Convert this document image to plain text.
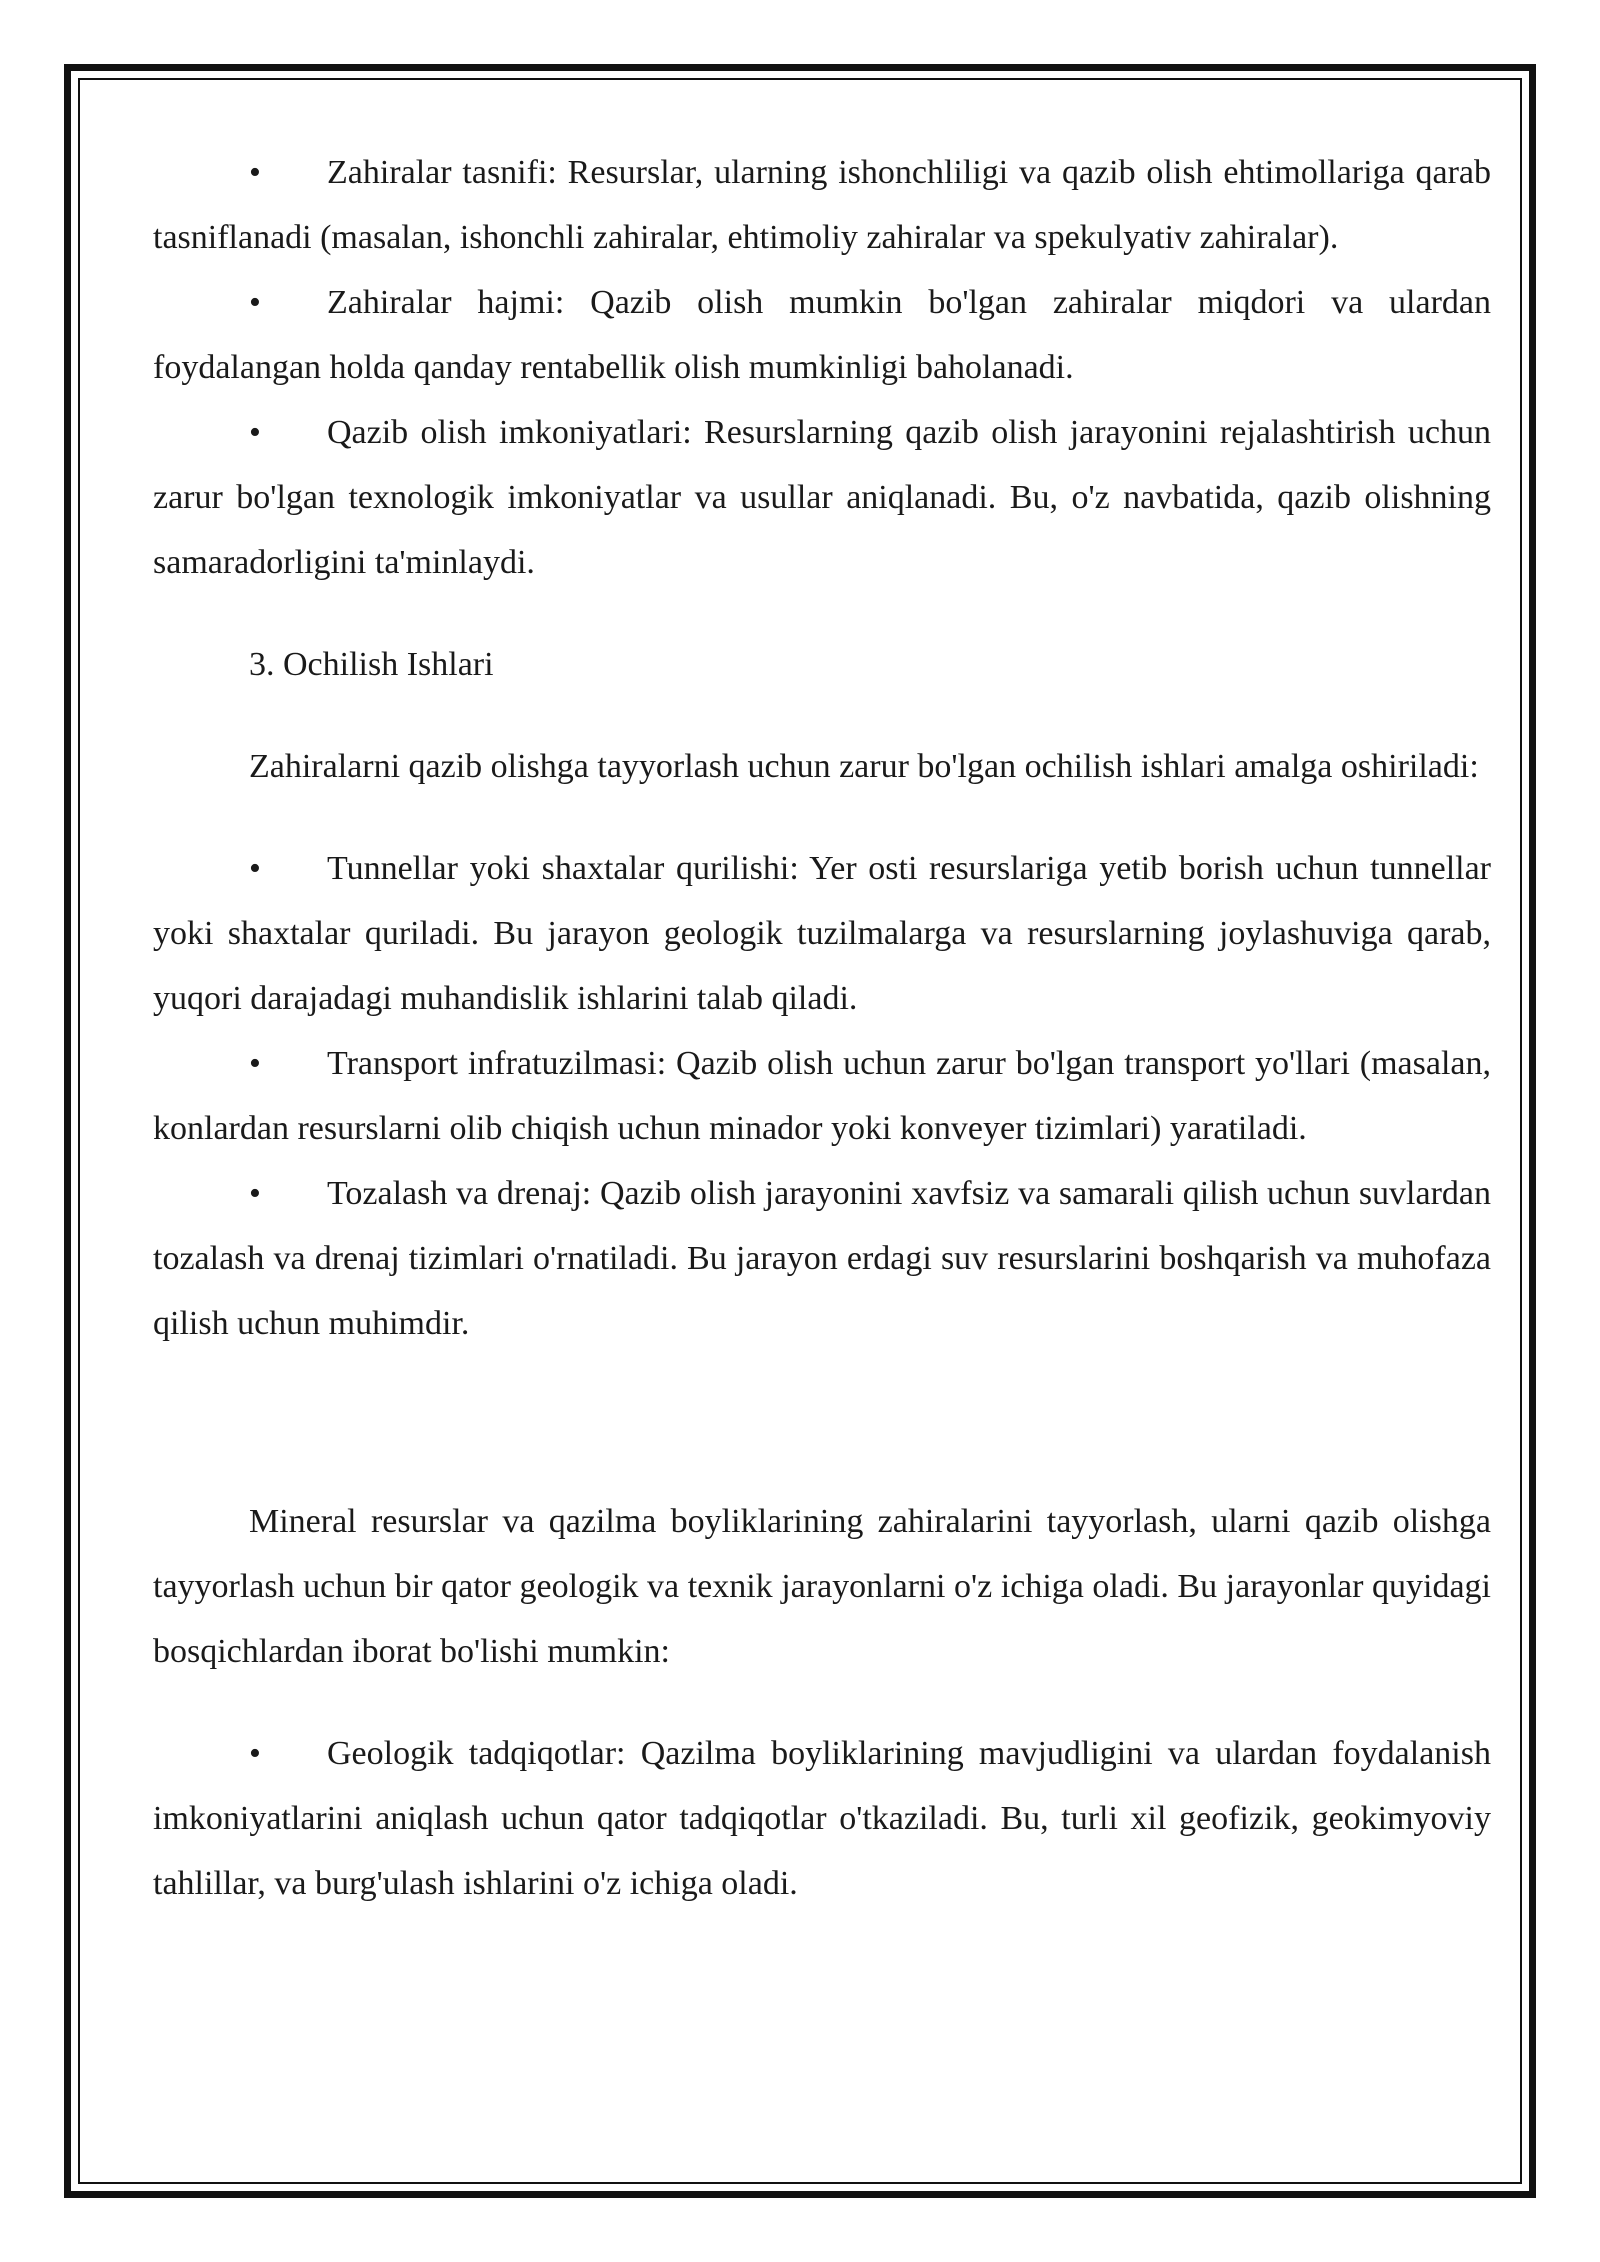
• Zahiralar tasnifi: Resurslar, ularning ishonchliligi va qazib olish ehtimollariga qarab tasniflanadi (masalan, ishonchli zahiralar, ehtimoliy zahiralar va spekulyativ zahiralar).

• Zahiralar hajmi: Qazib olish mumkin bo'lgan zahiralar miqdori va ulardan foydalangan holda qanday rentabellik olish mumkinligi baholanadi.

• Qazib olish imkoniyatlari: Resurslarning qazib olish jarayonini rejalashtirish uchun zarur bo'lgan texnologik imkoniyatlar va usullar aniqlanadi. Bu, o'z navbatida, qazib olishning samaradorligini ta'minlaydi.

3. Ochilish Ishlari

Zahiralarni qazib olishga tayyorlash uchun zarur bo'lgan ochilish ishlari amalga oshiriladi:

• Tunnellar yoki shaxtalar qurilishi: Yer osti resurslariga yetib borish uchun tunnellar yoki shaxtalar quriladi. Bu jarayon geologik tuzilmalarga va resurslarning joylashuviga qarab, yuqori darajadagi muhandislik ishlarini talab qiladi.

• Transport infratuzilmasi: Qazib olish uchun zarur bo'lgan transport yo'llari (masalan, konlardan resurslarni olib chiqish uchun minador yoki konveyer tizimlari) yaratiladi.

• Tozalash va drenaj: Qazib olish jarayonini xavfsiz va samarali qilish uchun suvlardan tozalash va drenaj tizimlari o'rnatiladi. Bu jarayon erdagi suv resurslarini boshqarish va muhofaza qilish uchun muhimdir.

Mineral resurslar va qazilma boyliklarining zahiralarini tayyorlash, ularni qazib olishga tayyorlash uchun bir qator geologik va texnik jarayonlarni o'z ichiga oladi. Bu jarayonlar quyidagi bosqichlardan iborat bo'lishi mumkin:

• Geologik tadqiqotlar: Qazilma boyliklarining mavjudligini va ulardan foydalanish imkoniyatlarini aniqlash uchun qator tadqiqotlar o'tkaziladi. Bu, turli xil geofizik, geokimyoviy tahlillar, va burg'ulash ishlarini o'z ichiga oladi.
